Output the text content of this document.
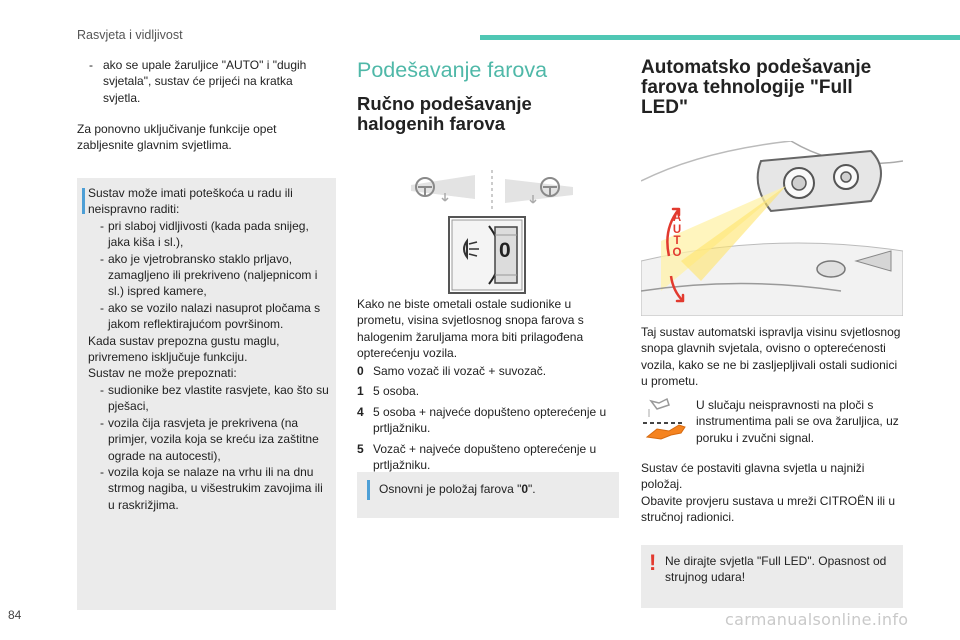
Rasvjeta i vidljivost

- ako se upale žaruljice "AUTO" i "dugih svjetala", sustav će prijeći na kratka svjetla.

Za ponovno uključivanje funkcije opet zabljesnite glavnim svjetlima.

Sustav može imati poteškoća u radu ili neispravno raditi:

- pri slaboj vidljivosti (kada pada snijeg, jaka kiša i sl.),

- ako je vjetrobransko staklo prljavo, zamagljeno ili prekriveno (naljepnicom i sl.) ispred kamere,

- ako se vozilo nalazi nasuprot pločama s jakom reflektirajućom površinom.

Kada sustav prepozna gustu maglu, privremeno isključuje funkciju.

Sustav ne može prepoznati:

- sudionike bez vlastite rasvjete, kao što su pješaci,

- vozila čija rasvjeta je prekrivena (na primjer, vozila koja se kreću iza zaštitne ograde na autocesti),

- vozila koja se nalaze na vrhu ili na dnu strmog nagiba, u višestrukim zavojima ili u raskrižjima.

Podešavanje farova
Ručno podešavanje halogenih farova
0

Kako ne biste ometali ostale sudionike u prometu, visina svjetlosnog snopa farova s halogenim žaruljama mora biti prilagođena opterećenju vozila.

0 Samo vozač ili vozač + suvozač.
1 5 osoba.
4 5 osoba + najveće dopušteno opterećenje u prtljažniku.
5 Vozač + najveće dopušteno opterećenje u prtljažniku.

Osnovni je položaj farova "0".

Automatsko podešavanje
farova tehnologije "Full
LED"
A
U
T
O

Taj sustav automatski ispravlja visinu svjetlosnog snopa glavnih svjetala, ovisno o opterećenosti vozila, kako se ne bi zasljepljivali ostali sudionici u prometu.

U slučaju neispravnosti na ploči s instrumentima pali se ova žaruljica, uz poruku i zvučni signal.

Sustav će postaviti glavna svjetla u najniži položaj.

Obavite provjeru sustava u mreži CITROËN ili u stručnoj radionici.

! Ne dirajte svjetla "Full LED". Opasnost od strujnog udara!

84	carmanualsonline.info
